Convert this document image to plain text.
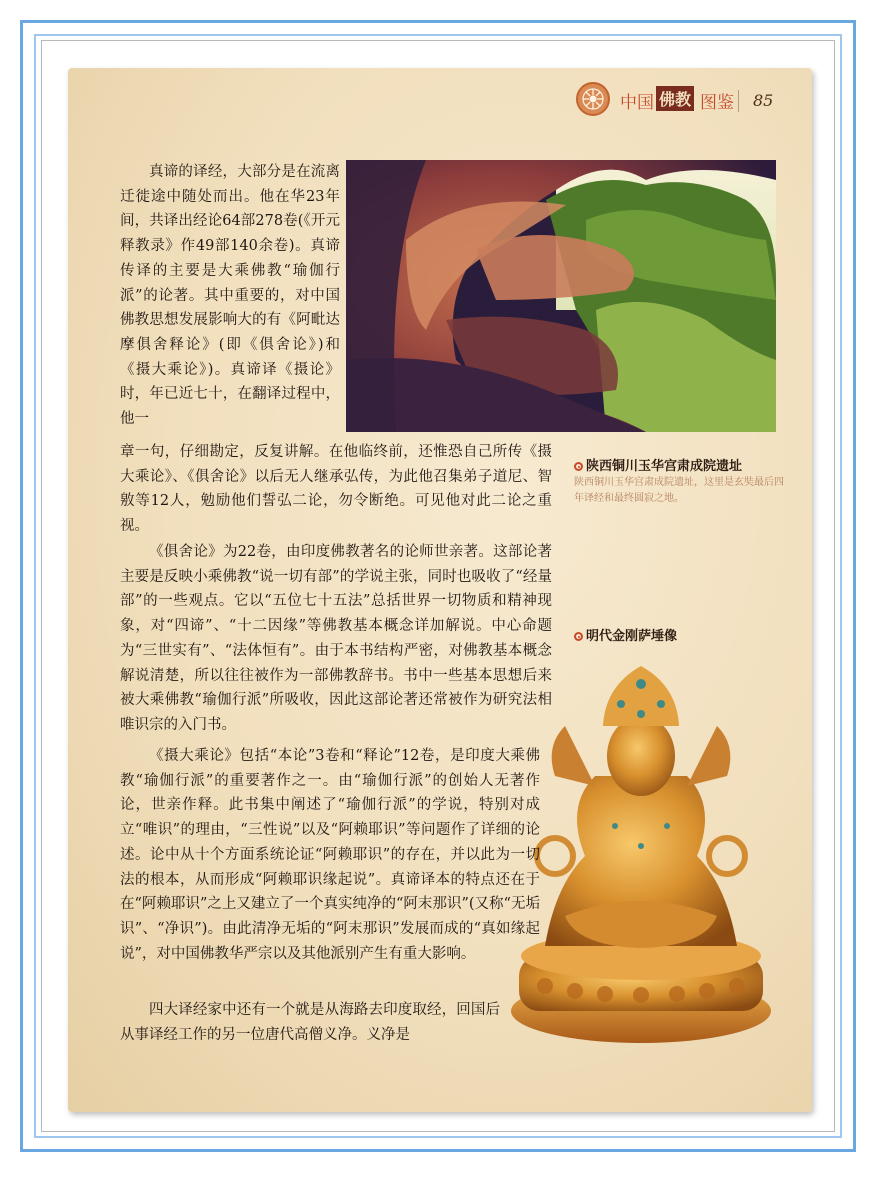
中国 佛教 图鉴 85
陕西铜川玉华宫肃成院遗址
陕西铜川玉华宫肃成院遗址，这里是玄奘最后四年译经和最终圆寂之地。
明代金刚萨埵像
真谛的译经，大部分是在流离迁徙途中随处而出。他在华23年间，共译出经论64部278卷(《开元释教录》作49部140余卷)。真谛传译的主要是大乘佛教“瑜伽行派”的论著。其中重要的，对中国佛教思想发展影响大的有《阿毗达摩俱舍释论》(即《俱舍论》)和《摄大乘论》)。真谛译《摄论》时，年已近七十，在翻译过程中，他一
章一句，仔细勘定，反复讲解。在他临终前，还惟恐自己所传《摄大乘论》、《俱舍论》以后无人继承弘传，为此他召集弟子道尼、智敫等12人，勉励他们誓弘二论，勿令断绝。可见他对此二论之重视。
《俱舍论》为22卷，由印度佛教著名的论师世亲著。这部论著主要是反映小乘佛教“说一切有部”的学说主张，同时也吸收了“经量部”的一些观点。它以“五位七十五法”总括世界一切物质和精神现象，对“四谛”、“十二因缘”等佛教基本概念详加解说。中心命题为“三世实有”、“法体恒有”。由于本书结构严密，对佛教基本概念解说清楚，所以往往被作为一部佛教辞书。书中一些基本思想后来被大乘佛教“瑜伽行派”所吸收，因此这部论著还常被作为研究法相唯识宗的入门书。
《摄大乘论》包括“本论”3卷和“释论”12卷，是印度大乘佛教“瑜伽行派”的重要著作之一。由“瑜伽行派”的创始人无著作论，世亲作释。此书集中阐述了“瑜伽行派”的学说，特别对成立“唯识”的理由，“三性说”以及“阿赖耶识”等问题作了详细的论述。论中从十个方面系统论证“阿赖耶识”的存在，并以此为一切法的根本，从而形成“阿赖耶识缘起说”。真谛译本的特点还在于在“阿赖耶识”之上又建立了一个真实纯净的“阿末那识”(又称“无垢识”、“净识”)。由此清净无垢的“阿末那识”发展而成的“真如缘起说”，对中国佛教华严宗以及其他派别产生有重大影响。
四大译经家中还有一个就是从海路去印度取经，回国后从事译经工作的另一位唐代高僧义净。义净是
